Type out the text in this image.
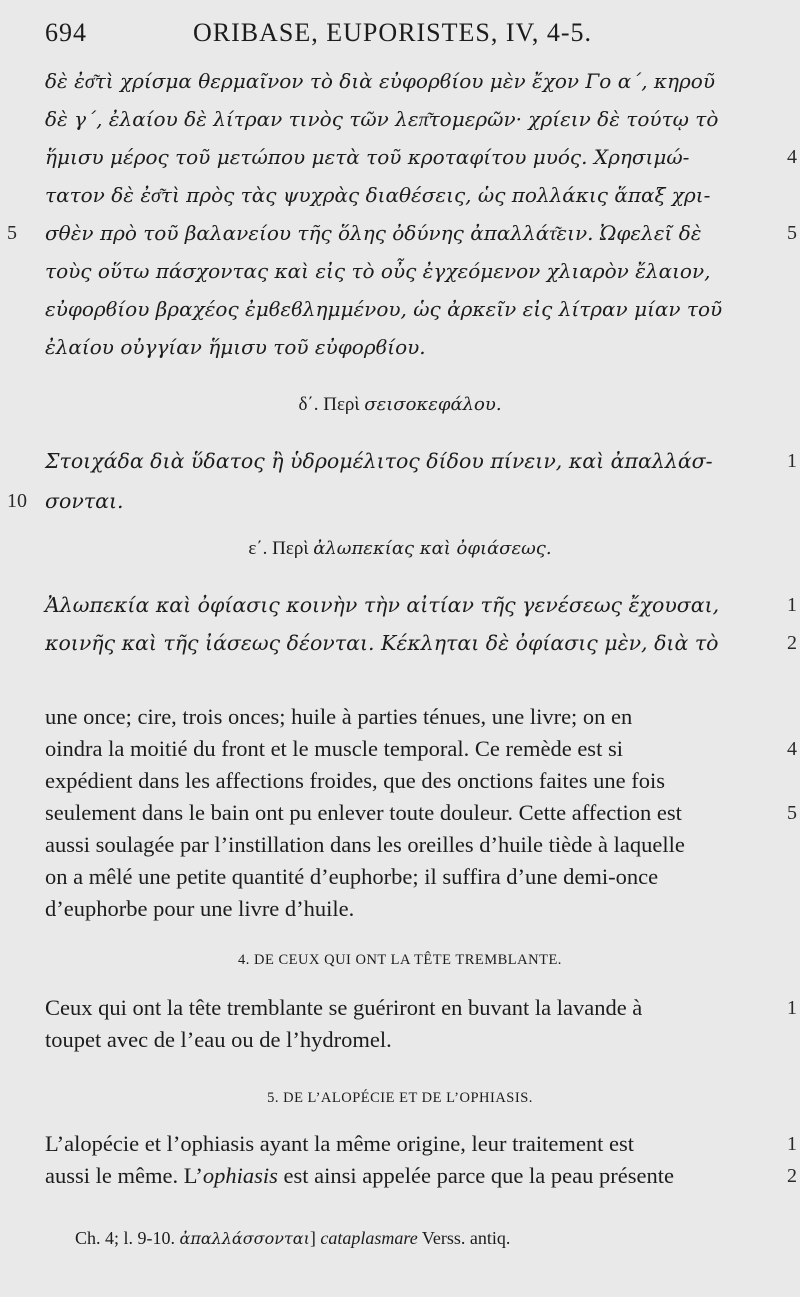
694	ORIBASE, EUPORISTES, IV, 4-5.
δὲ ἐσ͂τὶ χρίσμα θερμαῖνον τὸ διὰ εὐφορϐίου μὲν ἔχον Γο α΄, κηροῦ
δὲ γ΄, ἐλαίου δὲ λίτραν τινὸς τῶν λεπ͂τομερῶν· χρίειν δὲ τούτῳ τὸ
ἥμισυ μέρος τοῦ μετώπου μετὰ τοῦ κροταφίτου μυός. Χρησιμώ-	4
τατον δὲ ἐσ͂τὶ πρὸς τὰς ψυχρὰς διαθέσεις, ὡς πολλάκις ἅπαξ χρι-
5 σθὲν πρὸ τοῦ βαλανείου τῆς ὅλης ὀδύνης ἀπαλλάτ͂ειν. Ὠφελεῖ δὲ	5
τοὺς οὕτω πάσχοντας καὶ εἰς τὸ οὖς ἐγχεόμενον χλιαρὸν ἔλαιον,
εὐφορϐίου βραχέος ἐμϐεϐλημμένου, ὡς ἀρκεῖν εἰς λίτραν μίαν τοῦ
ἐλαίου οὐγγίαν ἥμισυ τοῦ εὐφορϐίου.
δ΄. Περὶ σεισοκεφάλου.
Στοιχάδα διὰ ὕδατος ἢ ὑδρομέλιτος δίδου πίνειν, καὶ ἀπαλλάσ-	1
10 σονται.
ε΄. Περὶ ἀλωπεκίας καὶ ὀφιάσεως.
Ἀλωπεκία καὶ ὀφίασις κοινὴν τὴν αἰτίαν τῆς γενέσεως ἔχουσαι,	1
κοινῆς καὶ τῆς ἰάσεως δέονται. Κέκληται δὲ ὀφίασις μὲν, διὰ τὸ	2
une once; cire, trois onces; huile à parties ténues, une livre; on en
oindra la moitié du front et le muscle temporal. Ce remède est si	4
expédient dans les affections froides, que des onctions faites une fois
seulement dans le bain ont pu enlever toute douleur. Cette affection est	5
aussi soulagée par l’instillation dans les oreilles d’huile tiède à laquelle
on a mêlé une petite quantité d’euphorbe; il suffira d’une demi-once
d’euphorbe pour une livre d’huile.
4. DE CEUX QUI ONT LA TÊTE TREMBLANTE.
Ceux qui ont la tête tremblante se guériront en buvant la lavande à	1
toupet avec de l’eau ou de l’hydromel.
5. DE L’ALOPÉCIE ET DE L’OPHIASIS.
L’alopécie et l’ophiasis ayant la même origine, leur traitement est	1
aussi le même. L’ophiasis est ainsi appelée parce que la peau présente	2
Ch. 4; l. 9-10. ἀπαλλάσσονται] cataplasmare Verss. antiq.
